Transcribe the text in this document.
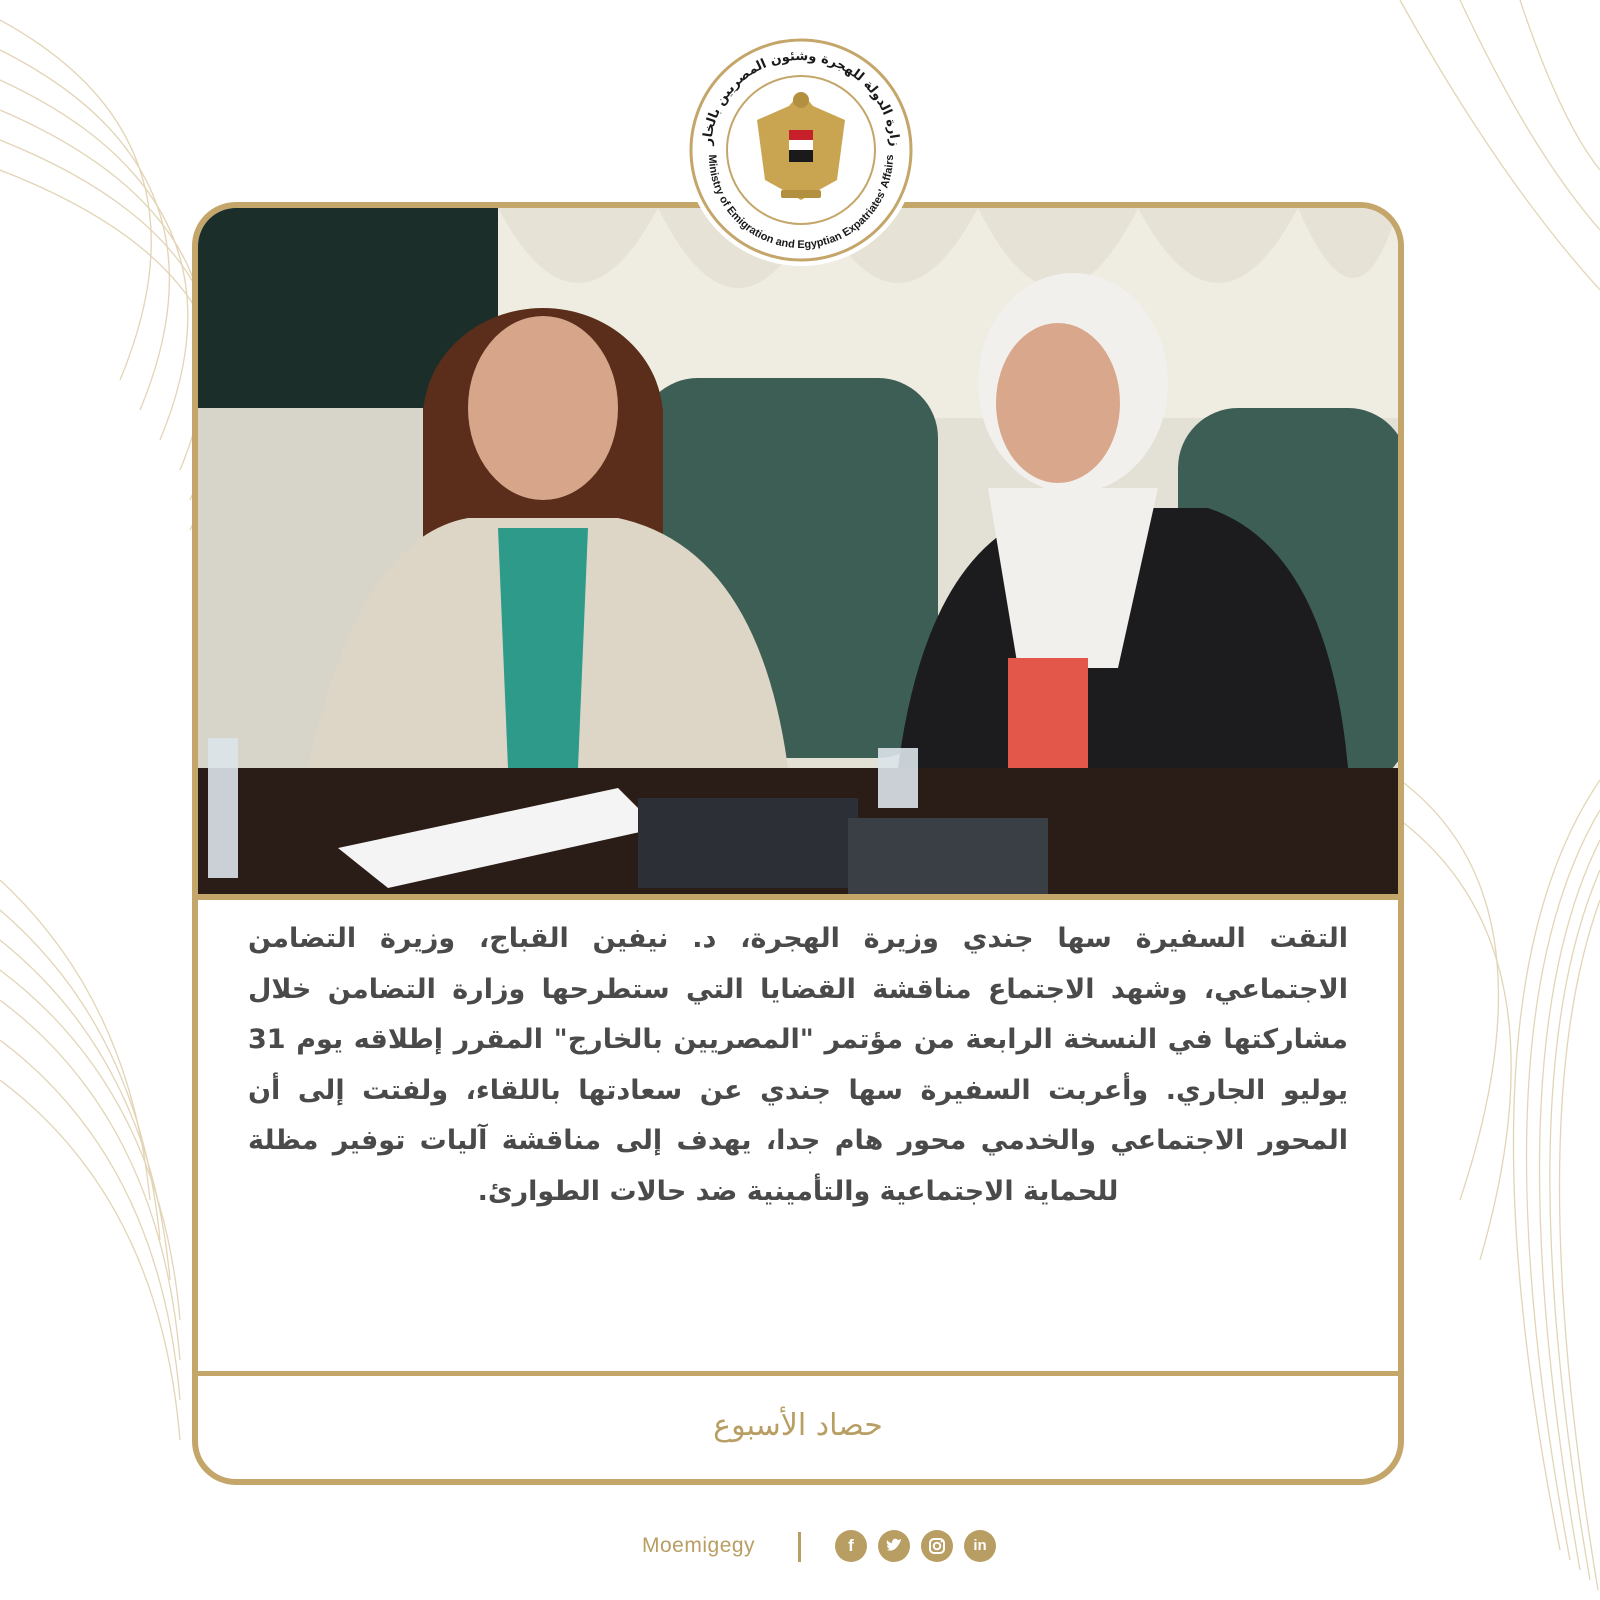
التقت السفيرة سها جندي وزيرة الهجرة، د. نيفين القباج، وزيرة التضامن الاجتماعي، وشهد الاجتماع مناقشة القضايا التي ستطرحها وزارة التضامن خلال مشاركتها في النسخة الرابعة من مؤتمر "المصريين بالخارج" المقرر إطلاقه يوم 31 يوليو الجاري. وأعربت السفيرة سها جندي عن سعادتها باللقاء، ولفتت إلى أن المحور الاجتماعي والخدمي محور هام جدا، يهدف إلى مناقشة آليات توفير مظلة للحماية الاجتماعية والتأمينية ضد حالات الطوارئ.

حصاد الأسبوع
زارة الدولة للهجرة وشئون المصريين بالخار
Ministry of Emigration and Egyptian Expatriates' Affairs
Moemigegy	f	in
